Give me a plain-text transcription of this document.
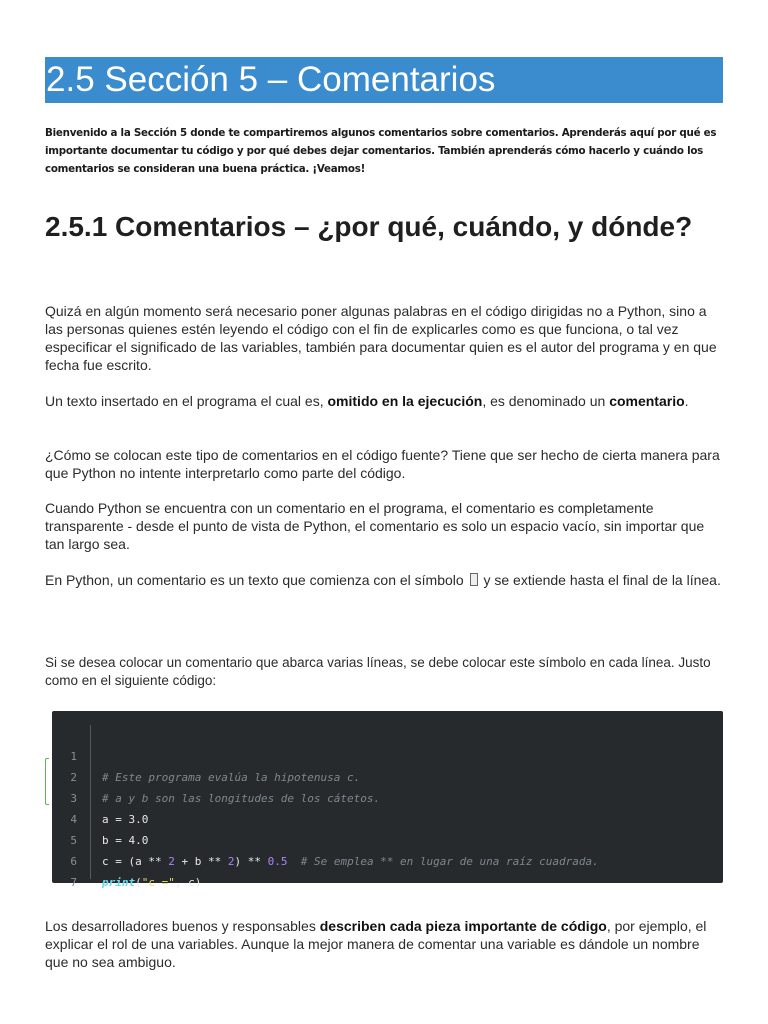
2.5 Sección 5 – Comentarios

Bienvenido a la Sección 5 donde te compartiremos algunos comentarios sobre comentarios. Aprenderás aquí por qué es importante documentar tu código y por qué debes dejar comentarios. También aprenderás cómo hacerlo y cuándo los comentarios se consideran una buena práctica. ¡Veamos!

2.5.1 Comentarios – ¿por qué, cuándo, y dónde?

Quizá en algún momento será necesario poner algunas palabras en el código dirigidas no a Python, sino a las personas quienes estén leyendo el código con el fin de explicarles como es que funciona, o tal vez especificar el significado de las variables, también para documentar quien es el autor del programa y en que fecha fue escrito.

Un texto insertado en el programa el cual es, omitido en la ejecución, es denominado un comentario.

¿Cómo se colocan este tipo de comentarios en el código fuente? Tiene que ser hecho de cierta manera para que Python no intente interpretarlo como parte del código.

Cuando Python se encuentra con un comentario en el programa, el comentario es completamente transparente - desde el punto de vista de Python, el comentario es solo un espacio vacío, sin importar que tan largo sea.

En Python, un comentario es un texto que comienza con el símbolo y se extiende hasta el final de la línea.

Si se desea colocar un comentario que abarca varias líneas, se debe colocar este símbolo en cada línea. Justo como en el siguiente código:

1

# Este programa evalúa la hipotenusa c.

2

# a y b son las longitudes de los cátetos.

3

a = 3.0

4

b = 4.0

5

c = (a ** 2 + b ** 2) ** 0.5  # Se emplea ** en lugar de una raíz cuadrada.

6

print("c =", c)

7

Los desarrolladores buenos y responsables describen cada pieza importante de código, por ejemplo, el explicar el rol de una variables. Aunque la mejor manera de comentar una variable es dándole un nombre que no sea ambiguo.
